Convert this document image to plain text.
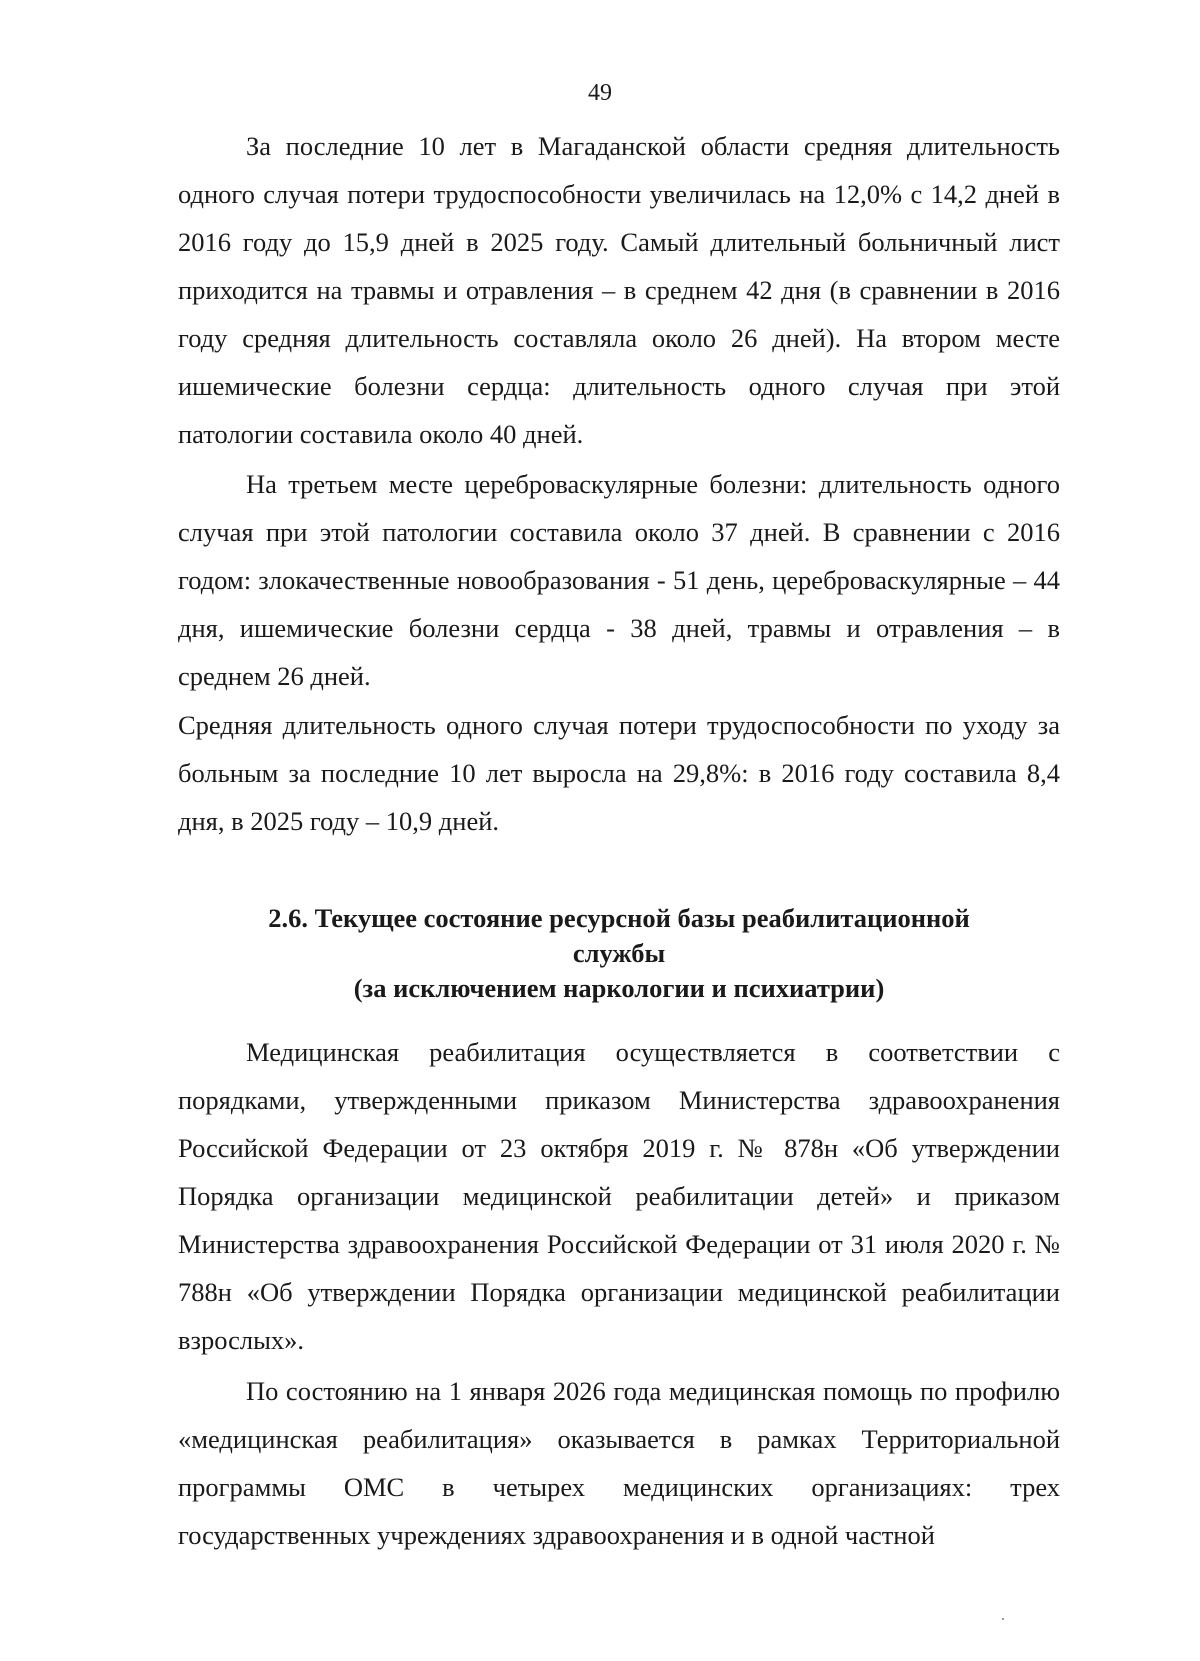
49

За последние 10 лет в Магаданской области средняя длительность одного случая потери трудоспособности увеличилась на 12,0% с 14,2 дней в 2016 году до 15,9 дней в 2025 году. Самый длительный больничный лист приходится на травмы и отравления – в среднем 42 дня (в сравнении в 2016 году средняя длительность составляла около 26 дней). На втором месте ишемические болезни сердца: длительность одного случая при этой патологии составила около 40 дней.

На третьем месте цереброваскулярные болезни: длительность одного случая при этой патологии составила около 37 дней. В сравнении с 2016 годом: злокачественные новообразования - 51 день, цереброваскулярные – 44 дня, ишемические болезни сердца - 38 дней, травмы и отравления – в среднем 26 дней.

Средняя длительность одного случая потери трудоспособности по уходу за больным за последние 10 лет выросла на 29,8%: в 2016 году составила 8,4 дня, в 2025 году – 10,9 дней.

2.6. Текущее состояние ресурсной базы реабилитационной
службы
(за исключением наркологии и психиатрии)

Медицинская реабилитация осуществляется в соответствии с порядками, утвержденными приказом Министерства здравоохранения Российской Федерации от 23 октября 2019 г. № 878н «Об утверждении Порядка организации медицинской реабилитации детей» и приказом Министерства здравоохранения Российской Федерации от 31 июля 2020 г. № 788н «Об утверждении Порядка организации медицинской реабилитации взрослых».

По состоянию на 1 января 2026 года медицинская помощь по профилю «медицинская реабилитация» оказывается в рамках Территориальной программы ОМС в четырех медицинских организациях: трех государственных учреждениях здравоохранения и в одной частной
